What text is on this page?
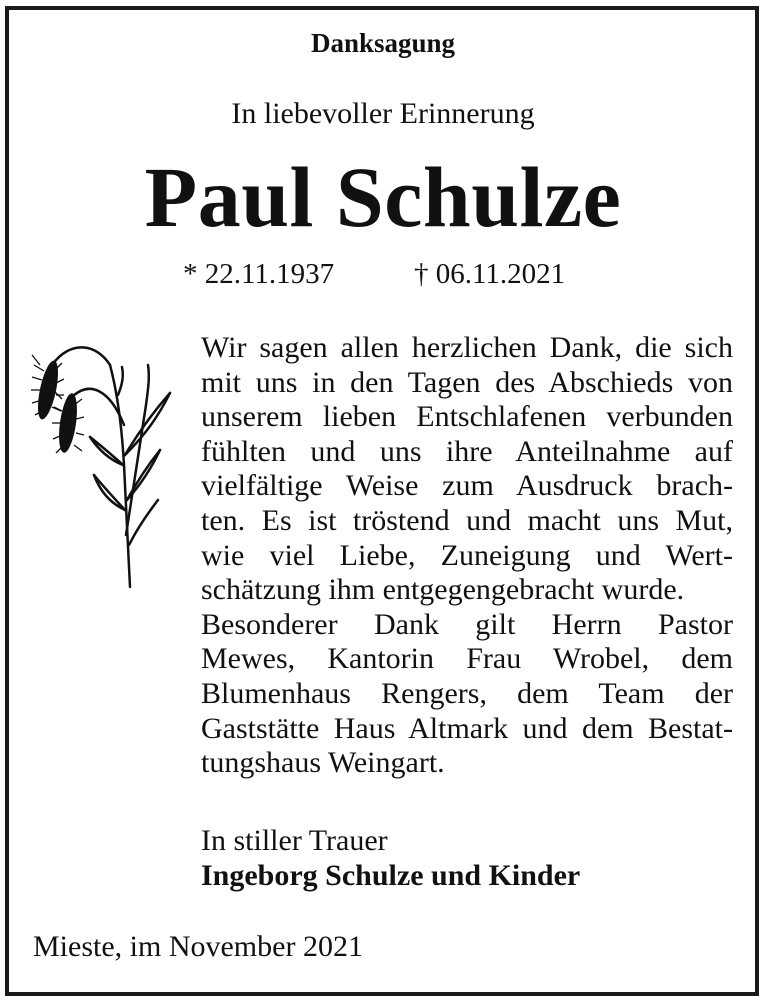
Danksagung
In liebevoller Erinnerung
Paul Schulze
* 22.11.1937	† 06.11.2021
Wir sagen allen herzlichen Dank, die sich
mit uns in den Tagen des Abschieds von
unserem lieben Entschlafenen verbunden
fühlten und uns ihre Anteilnahme auf
vielfältige Weise zum Ausdruck brach-
ten. Es ist tröstend und macht uns Mut,
wie viel Liebe, Zuneigung und Wert-
schätzung ihm entgegengebracht wurde.
Besonderer Dank gilt Herrn Pastor
Mewes, Kantorin Frau Wrobel, dem
Blumenhaus Rengers, dem Team der
Gaststätte Haus Altmark und dem Bestat-
tungshaus Weingart.
In stiller Trauer
Ingeborg Schulze und Kinder
Mieste, im November 2021
